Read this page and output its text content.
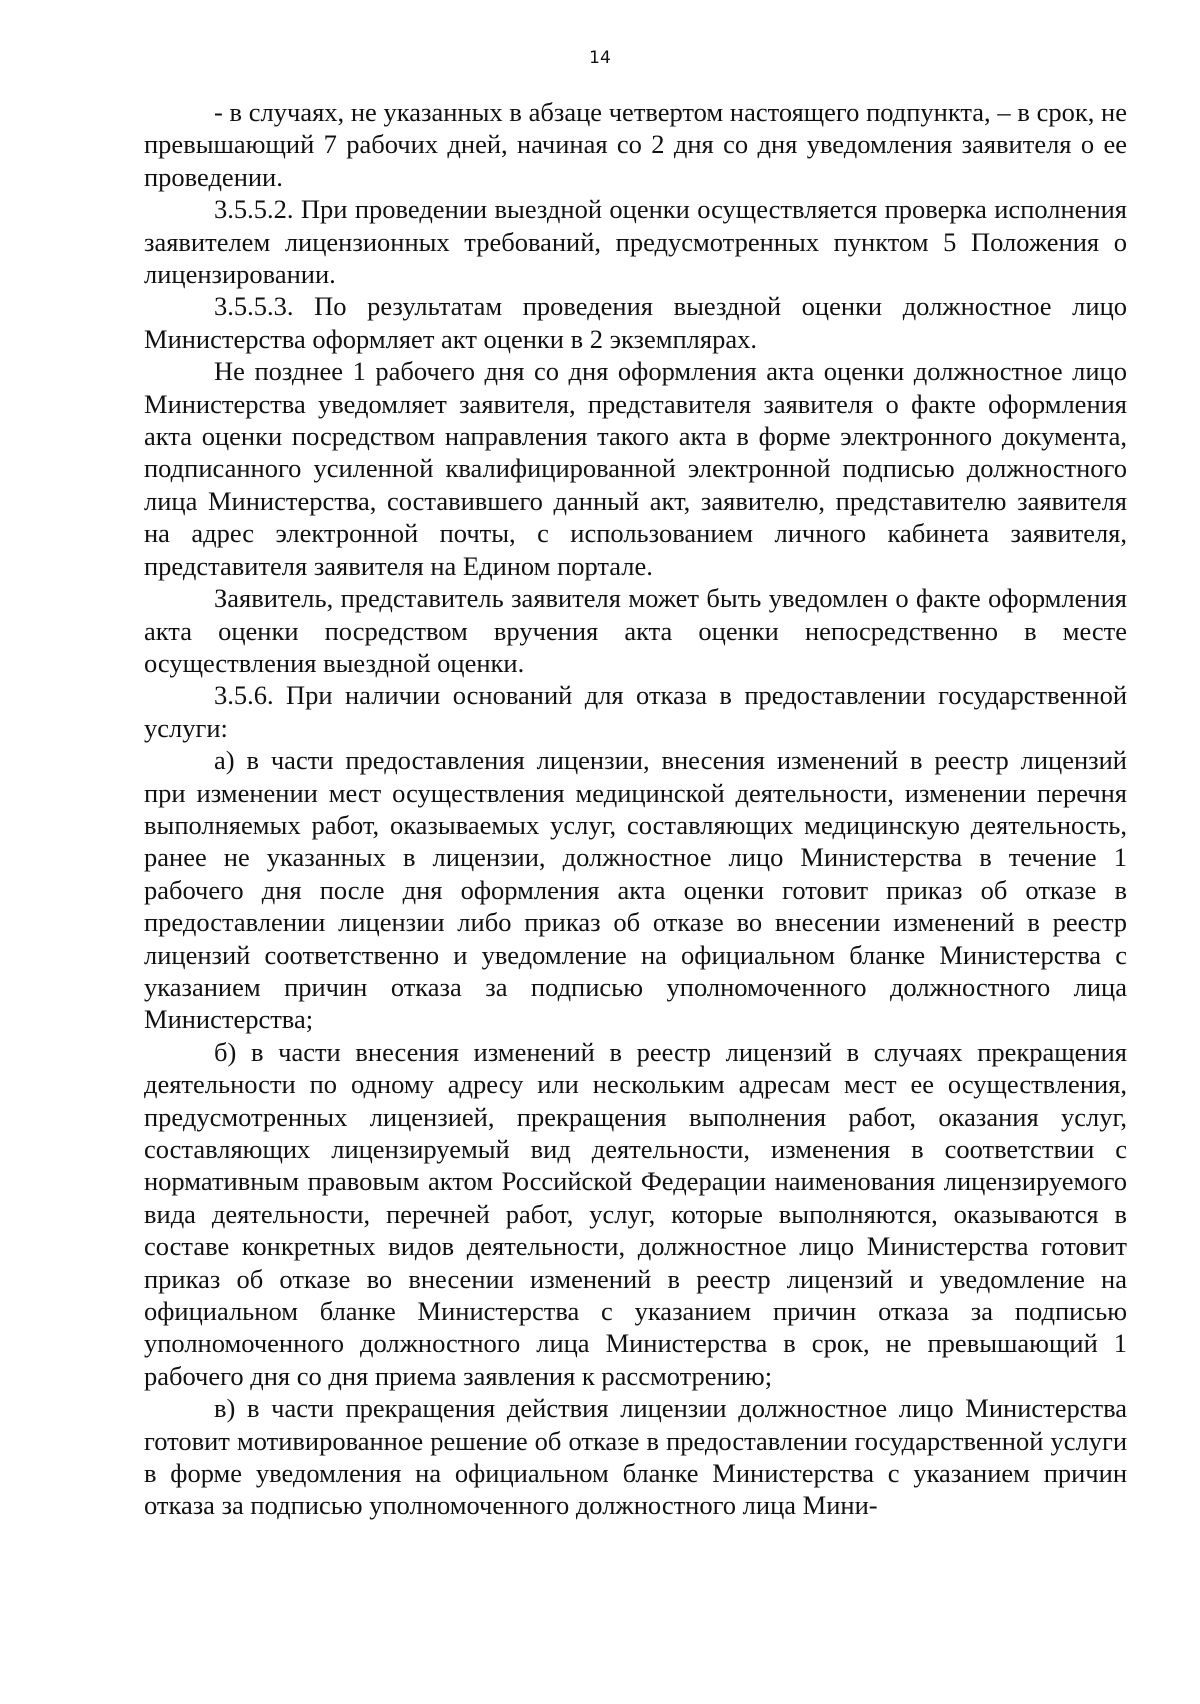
14

- в случаях, не указанных в абзаце четвертом настоящего подпункта, – в срок, не превышающий 7 рабочих дней, начиная со 2 дня со дня уведомления заявителя о ее проведении.

3.5.5.2. При проведении выездной оценки осуществляется проверка исполнения заявителем лицензионных требований, предусмотренных пунктом 5 Положения о лицензировании.

3.5.5.3. По результатам проведения выездной оценки должностное лицо Министерства оформляет акт оценки в 2 экземплярах.

Не позднее 1 рабочего дня со дня оформления акта оценки должностное лицо Министерства уведомляет заявителя, представителя заявителя о факте оформления акта оценки посредством направления такого акта в форме электронного документа, подписанного усиленной квалифицированной электронной подписью должностного лица Министерства, составившего данный акт, заявителю, представителю заявителя на адрес электронной почты, с использованием личного кабинета заявителя, представителя заявителя на Едином портале.

Заявитель, представитель заявителя может быть уведомлен о факте оформления акта оценки посредством вручения акта оценки непосредственно в месте осуществления выездной оценки.

3.5.6. При наличии оснований для отказа в предоставлении государственной услуги:

а) в части предоставления лицензии, внесения изменений в реестр лицензий при изменении мест осуществления медицинской деятельности, изменении перечня выполняемых работ, оказываемых услуг, составляющих медицинскую деятельность, ранее не указанных в лицензии, должностное лицо Министерства в течение 1 рабочего дня после дня оформления акта оценки готовит приказ об отказе в предоставлении лицензии либо приказ об отказе во внесении изменений в реестр лицензий соответственно и уведомление на официальном бланке Министерства с указанием причин отказа за подписью уполномоченного должностного лица Министерства;

б) в части внесения изменений в реестр лицензий в случаях прекращения деятельности по одному адресу или нескольким адресам мест ее осуществления, предусмотренных лицензией, прекращения выполнения работ, оказания услуг, составляющих лицензируемый вид деятельности, изменения в соответствии с нормативным правовым актом Российской Федерации наименования лицензируемого вида деятельности, перечней работ, услуг, которые выполняются, оказываются в составе конкретных видов деятельности, должностное лицо Министерства готовит приказ об отказе во внесении изменений в реестр лицензий и уведомление на официальном бланке Министерства с указанием причин отказа за подписью уполномоченного должностного лица Министерства в срок, не превышающий 1 рабочего дня со дня приема заявления к рассмотрению;

в) в части прекращения действия лицензии должностное лицо Министерства готовит мотивированное решение об отказе в предоставлении государственной услуги в форме уведомления на официальном бланке Министерства с указанием причин отказа за подписью уполномоченного должностного лица Мини-
